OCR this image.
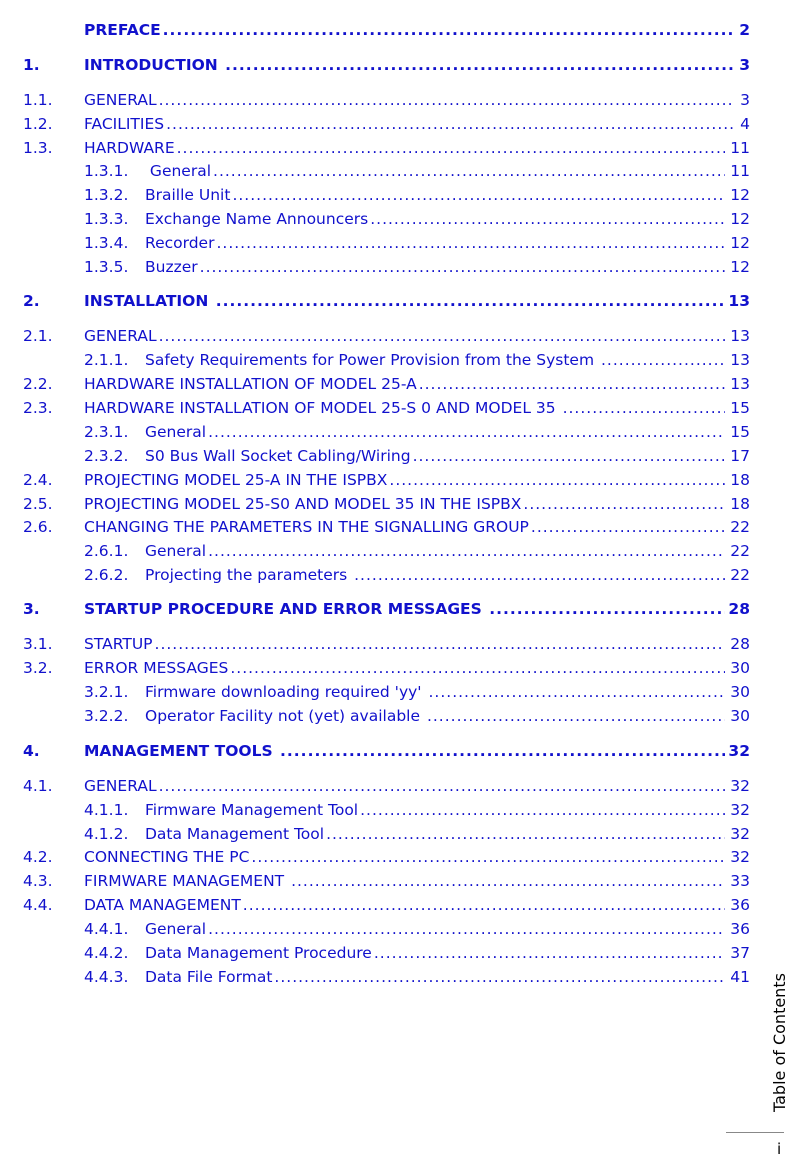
PREFACE .....	2
1.	INTRODUCTION .....	3
1.1. GENERAL .....	3
1.2. FACILITIES .....	4
1.3. HARDWARE .....	11
1.3.1. General .....	11
1.3.2. Braille Unit .....	12
1.3.3. Exchange Name Announcers .....	12
1.3.4. Recorder .....	12
1.3.5. Buzzer .....	12
2.	INSTALLATION .....	13
2.1. GENERAL .....	13
2.1.1. Safety Requirements for Power Provision from the System .....	13
2.2. HARDWARE INSTALLATION OF MODEL 25-A .....	13
2.3. HARDWARE INSTALLATION OF MODEL 25-S 0 AND MODEL 35 .....	15
2.3.1. General .....	15
2.3.2. S0 Bus Wall Socket Cabling/Wiring .....	17
2.4. PROJECTING MODEL 25-A IN THE ISPBX .....	18
2.5. PROJECTING MODEL 25-S0 AND MODEL 35 IN THE ISPBX .....	18
2.6. CHANGING THE PARAMETERS IN THE SIGNALLING GROUP .....	22
2.6.1. General .....	22
2.6.2. Projecting the parameters .....	22
3.	STARTUP PROCEDURE AND ERROR MESSAGES .....	28
3.1. STARTUP .....	28
3.2. ERROR MESSAGES .....	30
3.2.1. Firmware downloading required 'yy' .....	30
3.2.2. Operator Facility not (yet) available .....	30
4.	MANAGEMENT TOOLS .....	32
4.1. GENERAL .....	32
4.1.1. Firmware Management Tool .....	32
4.1.2. Data Management Tool .....	32
4.2. CONNECTING THE PC .....	32
4.3. FIRMWARE MANAGEMENT .....	33
4.4. DATA MANAGEMENT .....	36
4.4.1. General .....	36
4.4.2. Data Management Procedure .....	37
4.4.3. Data File Format .....	41 Table of Contents
i
